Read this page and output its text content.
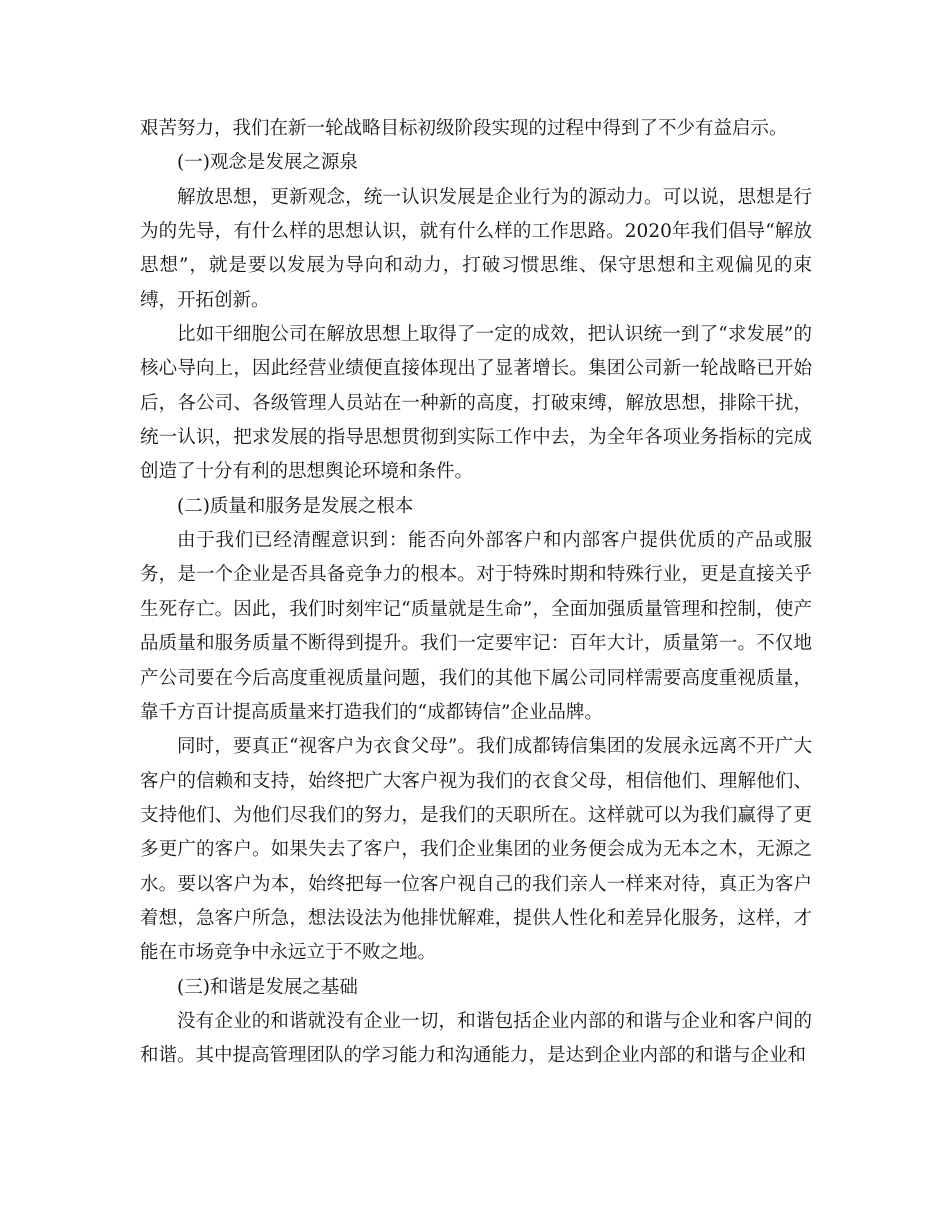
艰苦努力，我们在新一轮战略目标初级阶段实现的过程中得到了不少有益启示。

(一)观念是发展之源泉

解放思想，更新观念，统一认识发展是企业行为的源动力。可以说，思想是行为的先导，有什么样的思想认识，就有什么样的工作思路。2020年我们倡导“解放思想”，就是要以发展为导向和动力，打破习惯思维、保守思想和主观偏见的束缚，开拓创新。

比如干细胞公司在解放思想上取得了一定的成效，把认识统一到了“求发展”的核心导向上，因此经营业绩便直接体现出了显著增长。集团公司新一轮战略已开始后，各公司、各级管理人员站在一种新的高度，打破束缚，解放思想，排除干扰，统一认识，把求发展的指导思想贯彻到实际工作中去，为全年各项业务指标的完成创造了十分有利的思想舆论环境和条件。

(二)质量和服务是发展之根本

由于我们已经清醒意识到：能否向外部客户和内部客户提供优质的产品或服务，是一个企业是否具备竞争力的根本。对于特殊时期和特殊行业，更是直接关乎生死存亡。因此，我们时刻牢记“质量就是生命”，全面加强质量管理和控制，使产品质量和服务质量不断得到提升。我们一定要牢记：百年大计，质量第一。不仅地产公司要在今后高度重视质量问题，我们的其他下属公司同样需要高度重视质量，靠千方百计提高质量来打造我们的“成都铸信”企业品牌。

同时，要真正“视客户为衣食父母”。我们成都铸信集团的发展永远离不开广大客户的信赖和支持，始终把广大客户视为我们的衣食父母，相信他们、理解他们、支持他们、为他们尽我们的努力，是我们的天职所在。这样就可以为我们赢得了更多更广的客户。如果失去了客户，我们企业集团的业务便会成为无本之木，无源之水。要以客户为本，始终把每一位客户视自己的我们亲人一样来对待，真正为客户着想，急客户所急，想法设法为他排忧解难，提供人性化和差异化服务，这样，才能在市场竞争中永远立于不败之地。

(三)和谐是发展之基础

没有企业的和谐就没有企业一切，和谐包括企业内部的和谐与企业和客户间的和谐。其中提高管理团队的学习能力和沟通能力，是达到企业内部的和谐与企业和
